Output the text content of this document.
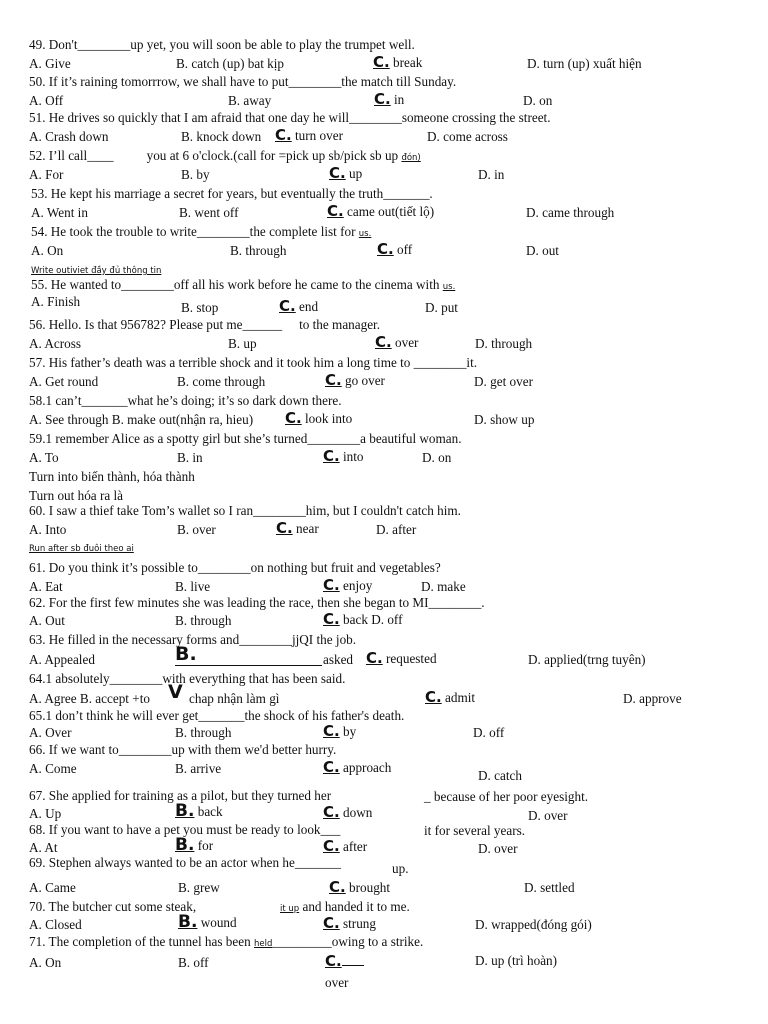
49. Don't________up yet, you will soon be able to play the trumpet well.
A. Give	B. catch (up) bat kịp	C. break	D. turn (up) xuất hiện
50. If it’s raining tomorrrow, we shall have to put________the match till Sunday.
A. Off	B. away	C. in	D. on
51. He drives so quickly that I am afraid that one day he will________someone crossing the street.
A. Crash down	B. knock down C. turn over	D. come across
52. I’ll call____	you at 6 o'clock.(call for =pick up sb/pick sb up đón)
A. For	B. by	C. up	D. in
53. He kept his marriage a secret for years, but eventually the truth_______.
A. Went in	B. went off	C. came out(tiết lộ)	D. came through
54. He took the trouble to write________the complete list for us.
A. On	B. through	C. off	D. out
Write outiviet đầy đủ thông tin
55. He wanted to________off all his work before he came to the cinema with us.
A. Finish	B. stop	C. end	D. put
56. Hello. Is that 956782? Please put me______ to the manager.
A. Across	B. up	C. over	D. through
57. His father’s death was a terrible shock and it took him a long time to ________it.
A. Get round	B. come through	C. go over	D. get over
58.1 can’t_______what he’s doing; it’s so dark down there.
A. See through B. make out(nhận ra, hieu) C. look into	D. show up
59.1 remember Alice as a spotty girl but she’s turned________a beautiful woman.
A. To	B. in	C. into	D. on
Turn into biến thành, hóa thành
Turn out hóa ra là
60. I saw a thief take Tom’s wallet so I ran________him, but I couldn't catch him.
A. Into	B. over	C. near	D. after
Run after sb đuôi theo ai
61. Do you think it’s possible to________on nothing but fruit and vegetables?
A. Eat	B. live	C. enjoy	D. make
62. For the first few minutes she was leading the race, then she began to MI________.
A. Out	B. through	C. back D. off
63. He filled in the necessary forms and________jjQI the job.
A. Appealed	B.	asked C. requested	D. applied(trng tuyên)
64.1 absolutely________with everything that has been said.
A. Agree B. accept +to V chap nhận làm gì	C. admit	D. approve
65.1 don’t think he will ever get_______the shock of his father's death.
A. Over	B. through	C. by	D. off
66. If we want to________up with them we'd better hurry.
A. Come	B. arrive	C. approach
D. catch
67. She applied for training as a pilot, but they turned her	_ because of her poor eyesight.
A. Up	B. back	C. down	D. over
68. If you want to have a pet you must be ready to look___	it for several years.
A. At	B. for	C. after	D. over
69. Stephen always wanted to be an actor when he_______	up.
A. Came	B. grew	C. brought	D. settled
70. The butcher cut some steak,	it up and handed it to me.
A. Closed	B. wound	C. strung	D. wrapped(đóng gói)
71. The completion of the tunnel has been held_________owing to a strike.
A. On	B. off	C.
over
D. up (trì hoàn)
